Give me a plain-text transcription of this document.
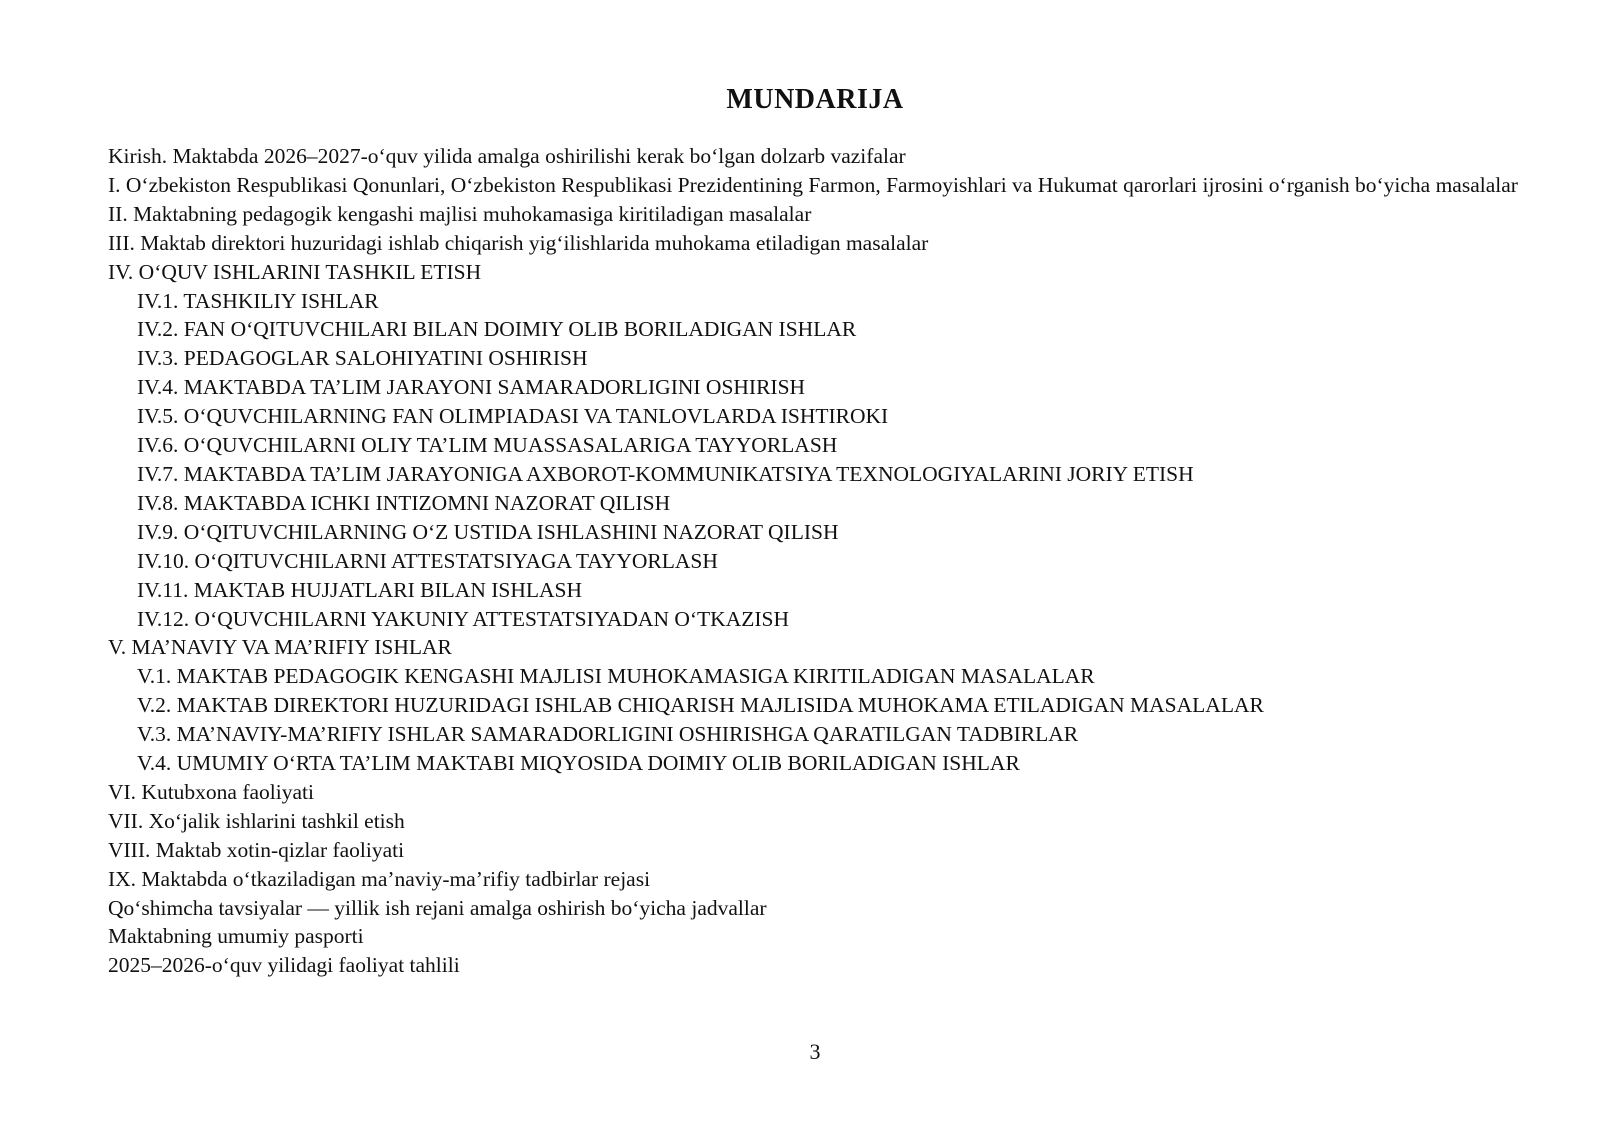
MUNDARIJA
Kirish. Maktabda 2026–2027-o‘quv yilida amalga oshirilishi kerak bo‘lgan dolzarb vazifalar
I. O‘zbekiston Respublikasi Qonunlari, O‘zbekiston Respublikasi Prezidentining Farmon, Farmoyishlari va Hukumat qarorlari ijrosini o‘rganish bo‘yicha masalalar
II. Maktabning pedagogik kengashi majlisi muhokamasiga kiritiladigan masalalar
III. Maktab direktori huzuridagi ishlab chiqarish yig‘ilishlarida muhokama etiladigan masalalar
IV. O‘QUV ISHLARINI TASHKIL ETISH
IV.1. TASHKILIY ISHLAR
IV.2. FAN O‘QITUVCHILARI BILAN DOIMIY OLIB BORILADIGAN ISHLAR
IV.3. PEDAGOGLAR SALOHIYATINI OSHIRISH
IV.4. MAKTABDA TA’LIM JARAYONI SAMARADORLIGINI OSHIRISH
IV.5. O‘QUVCHILARNING FAN OLIMPIADASI VA TANLOVLARDA ISHTIROKI
IV.6. O‘QUVCHILARNI OLIY TA’LIM MUASSASALARIGA TAYYORLASH
IV.7. MAKTABDA TA’LIM JARAYONIGA AXBOROT-KOMMUNIKATSIYA TEXNOLOGIYALARINI JORIY ETISH
IV.8. MAKTABDA ICHKI INTIZOMNI NAZORAT QILISH
IV.9. O‘QITUVCHILARNING O‘Z USTIDA ISHLASHINI NAZORAT QILISH
IV.10. O‘QITUVCHILARNI ATTESTATSIYAGA TAYYORLASH
IV.11. MAKTAB HUJJATLARI BILAN ISHLASH
IV.12. O‘QUVCHILARNI YAKUNIY ATTESTATSIYADAN O‘TKAZISH
V. MA’NAVIY VA MA’RIFIY ISHLAR
V.1. MAKTAB PEDAGOGIK KENGASHI MAJLISI MUHOKAMASIGA KIRITILADIGAN MASALALAR
V.2. MAKTAB DIREKTORI HUZURIDAGI ISHLAB CHIQARISH MAJLISIDA MUHOKAMA ETILADIGAN MASALALAR
V.3. MA’NAVIY-MA’RIFIY ISHLAR SAMARADORLIGINI OSHIRISHGA QARATILGAN TADBIRLAR
V.4. UMUMIY O‘RTA TA’LIM MAKTABI MIQYOSIDA DOIMIY OLIB BORILADIGAN ISHLAR
VI. Kutubxona faoliyati
VII. Xo‘jalik ishlarini tashkil etish
VIII. Maktab xotin-qizlar faoliyati
IX. Maktabda o‘tkaziladigan ma’naviy-ma’rifiy tadbirlar rejasi
Qo‘shimcha tavsiyalar — yillik ish rejani amalga oshirish bo‘yicha jadvallar
Maktabning umumiy pasporti
2025–2026-o‘quv yilidagi faoliyat tahlili
3
